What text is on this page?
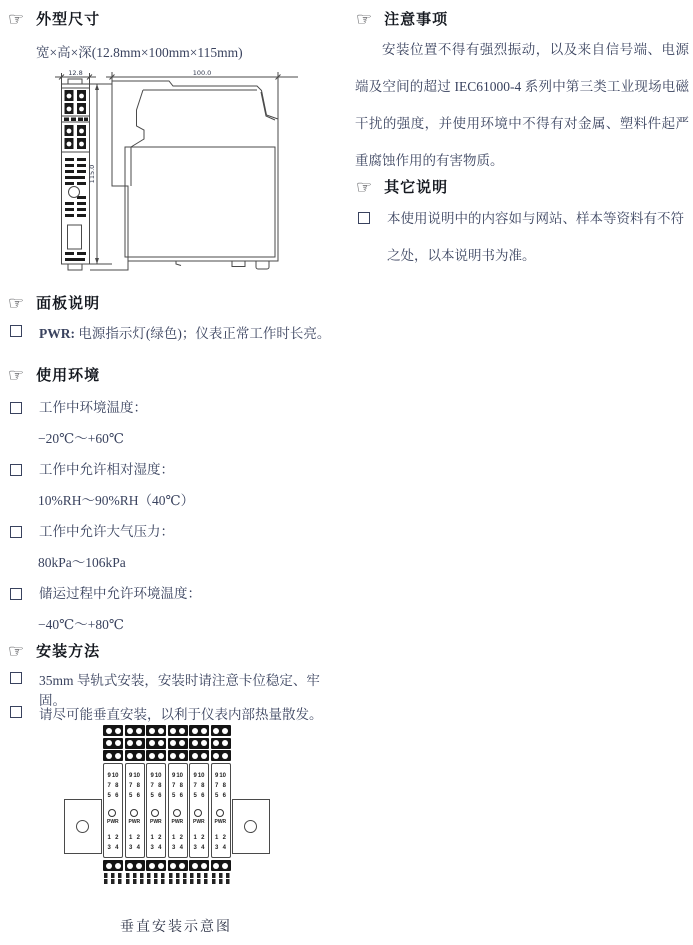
☞ 外型尺寸
宽×高×深(12.8mm×100mm×115mm)
12.8	100.0
115.0
☞ 面板说明
PWR: 电源指示灯(绿色)；仪表正常工作时长亮。
☞ 使用环境
工作中环境温度：
−20℃～+60℃
工作中允许相对湿度：
10%RH～90%RH（40℃）
工作中允许大气压力：
80kPa～106kPa
储运过程中允许环境温度：
−40℃～+80℃
☞ 安装方法
35mm 导轨式安装，安装时请注意卡位稳定、牢固。
请尽可能垂直安装，以利于仪表内部热量散发。
9 10
7 8
5 6
PWR
1 2
3 4
9 10
7 8
5 6
PWR
1 2
3 4
9 10
7 8
5 6
PWR
1 2
3 4
9 10
7 8
5 6
PWR
1 2
3 4
9 10
7 8
5 6
PWR
1 2
3 4
9 10
7 8
5 6
PWR
1 2
3 4
垂直安装示意图
☞ 注意事项
安装位置不得有强烈振动，以及来自信号端、电源端及空间的超过 IEC61000-4 系列中第三类工业现场电磁干扰的强度，并使用环境中不得有对金属、塑料件起严重腐蚀作用的有害物质。
☞ 其它说明
本使用说明中的内容如与网站、样本等资料有不符之处，以本说明书为准。
